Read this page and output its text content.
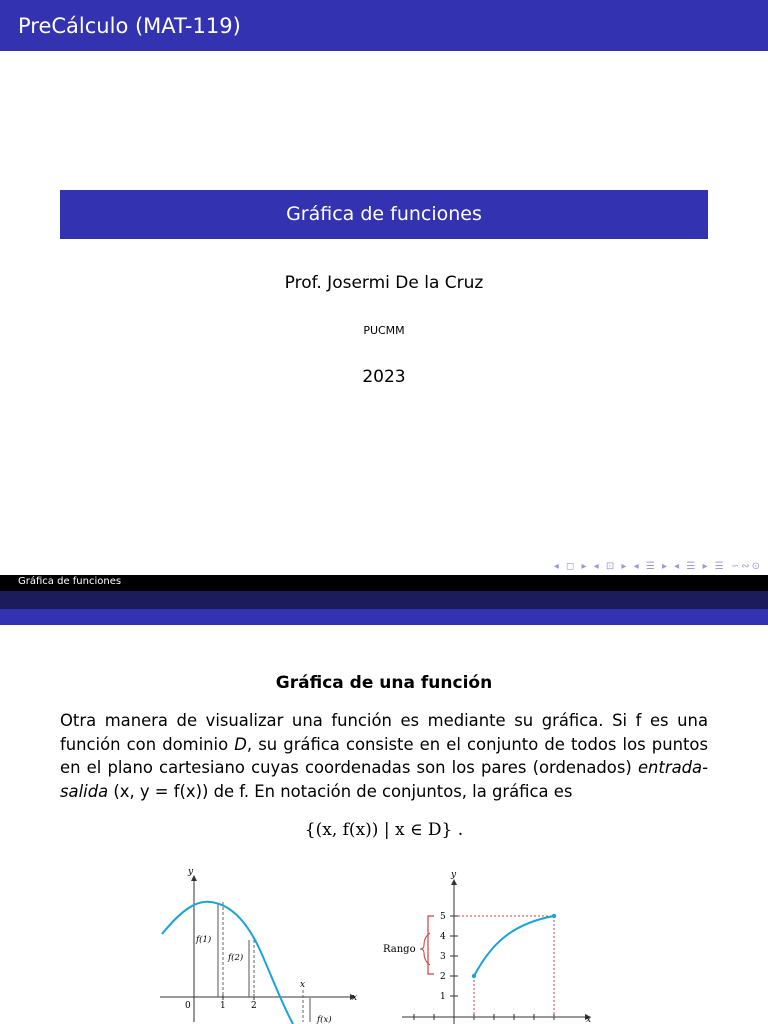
PreCálculo (MAT-119)
Gráfica de funciones
Prof. Josermi De la Cruz
PUCMM
2023
◂ ◻ ▸ ◂ ⊡ ▸ ◂ ☰ ▸ ◂ ☰ ▸ ☰ ∽∾⊙
Gráfica de funciones
Gráfica de una función
Otra manera de visualizar una función es mediante su gráfica. Si f es una función con dominio D, su gráfica consiste en el conjunto de todos los puntos en el plano cartesiano cuyas coordenadas son los pares (ordenados) entrada-salida (x, y = f(x)) de f. En notación de conjuntos, la gráfica es
{(x, f(x)) | x ∈ D} .
y
x
0	1	2
x
f(1)
f(2)
f(x)
y
x
5
4
3
2
1
Rango
